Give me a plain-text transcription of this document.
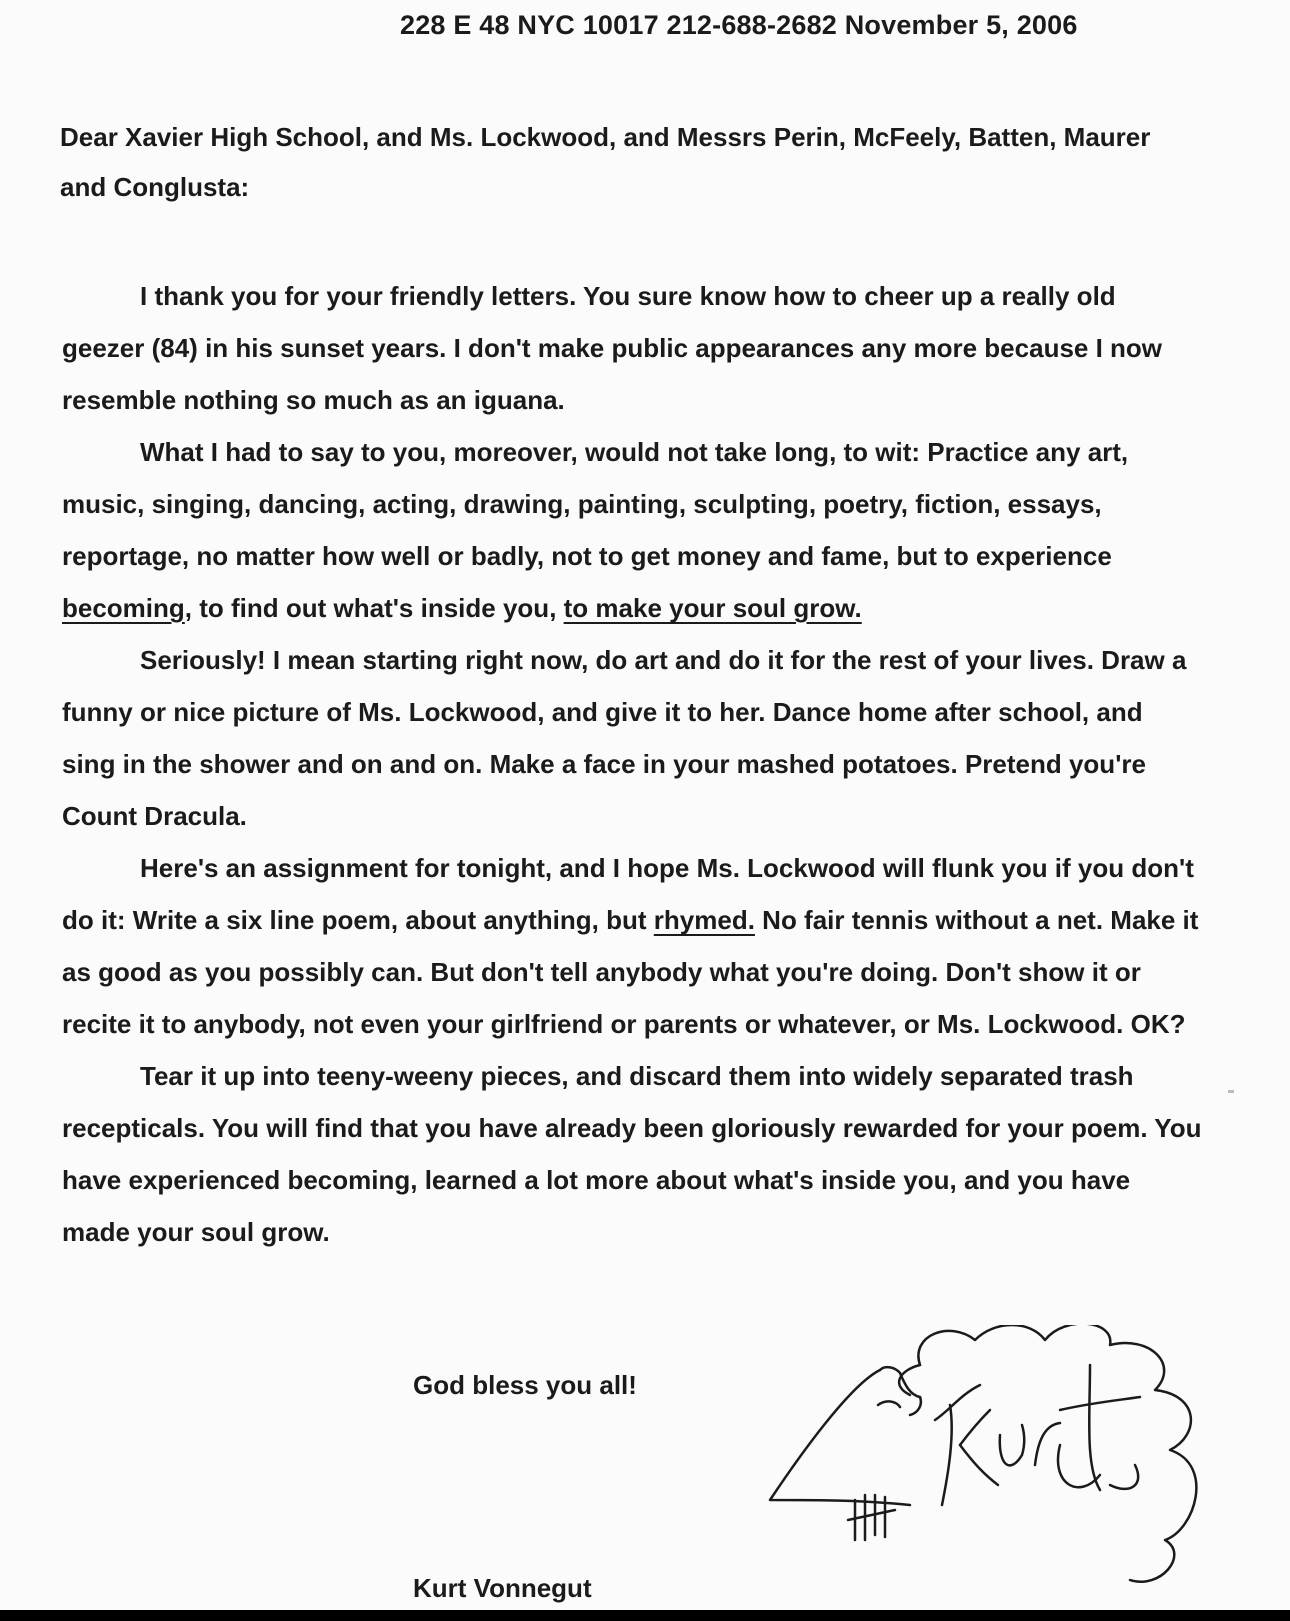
228 E 48 NYC 10017 212-688-2682 November 5, 2006
Dear Xavier High School, and Ms. Lockwood, and Messrs Perin, McFeely, Batten, Maurer and Conglusta:

I thank you for your friendly letters. You sure know how to cheer up a really old geezer (84) in his sunset years. I don't make public appearances any more because I now resemble nothing so much as an iguana.

What I had to say to you, moreover, would not take long, to wit: Practice any art, music, singing, dancing, acting, drawing, painting, sculpting, poetry, fiction, essays, reportage, no matter how well or badly, not to get money and fame, but to experience becoming, to find out what's inside you, to make your soul grow.

Seriously! I mean starting right now, do art and do it for the rest of your lives. Draw a funny or nice picture of Ms. Lockwood, and give it to her. Dance home after school, and sing in the shower and on and on. Make a face in your mashed potatoes. Pretend you're Count Dracula.

Here's an assignment for tonight, and I hope Ms. Lockwood will flunk you if you don't do it: Write a six line poem, about anything, but rhymed. No fair tennis without a net. Make it as good as you possibly can. But don't tell anybody what you're doing. Don't show it or recite it to anybody, not even your girlfriend or parents or whatever, or Ms. Lockwood. OK?

Tear it up into teeny-weeny pieces, and discard them into widely separated trash recepticals. You will find that you have already been gloriously rewarded for your poem. You have experienced becoming, learned a lot more about what's inside you, and you have made your soul grow.

God bless you all!
Kurt Vonnegut
